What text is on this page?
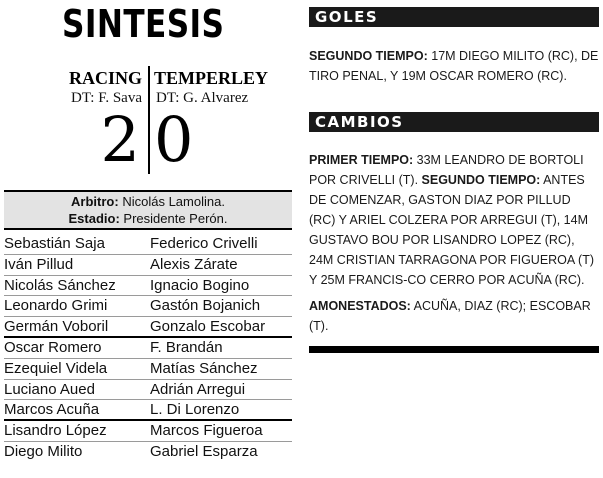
SINTESIS
RACING TEMPERLEY
DT: F. Sava DT: G. Alvarez
2 0
Arbitro: Nicolás Lamolina.
Estadio: Presidente Perón.
Sebastián Saja	Federico Crivelli
Iván Pillud	Alexis Zárate
Nicolás Sánchez	Ignacio Bogino
Leonardo Grimi	Gastón Bojanich
Germán Voboril	Gonzalo Escobar
Oscar Romero	F. Brandán
Ezequiel Videla	Matías Sánchez
Luciano Aued	Adrián Arregui
Marcos Acuña	L. Di Lorenzo
Lisandro López	Marcos Figueroa
Diego Milito	Gabriel Esparza
GOLES
SEGUNDO TIEMPO: 17M DIEGO MILITO (RC), DE TIRO PENAL, Y 19M OSCAR ROMERO (RC).
CAMBIOS
PRIMER TIEMPO: 33M LEANDRO DE BORTOLI POR CRIVELLI (T). SEGUNDO TIEMPO: ANTES DE COMENZAR, GASTON DIAZ POR PILLUD (RC) Y ARIEL COLZERA POR ARREGUI (T), 14M GUSTAVO BOU POR LISANDRO LOPEZ (RC), 24M CRISTIAN TARRAGONA POR FIGUEROA (T) Y 25M FRANCIS-CO CERRO POR ACUÑA (RC).
AMONESTADOS: ACUÑA, DIAZ (RC); ESCOBAR (T).
